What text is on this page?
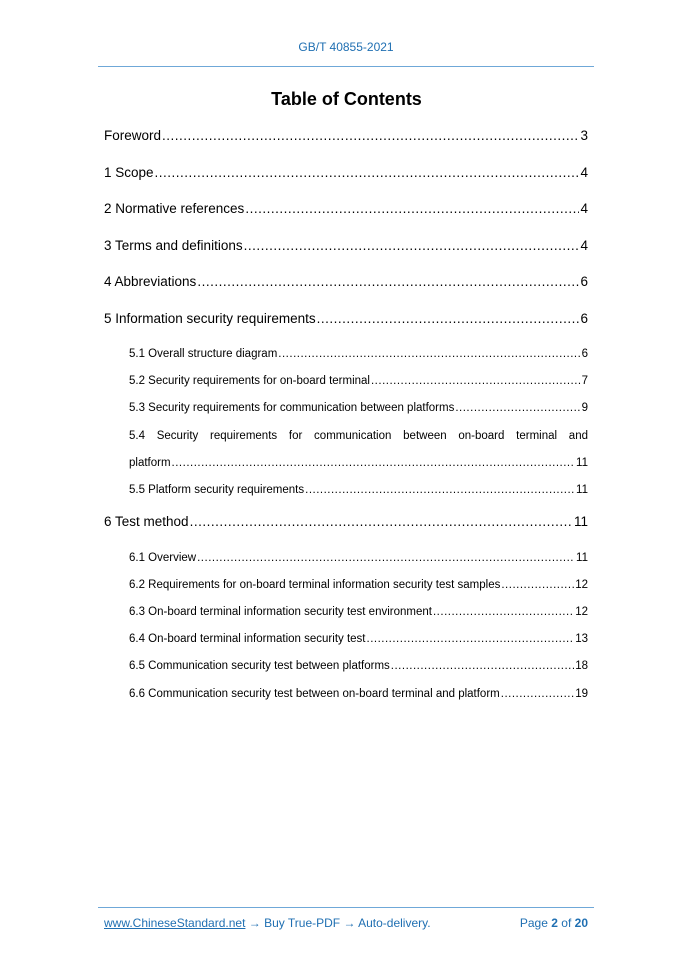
GB/T 40855-2021
Table of Contents
Foreword .....	3
1 Scope .....	4
2 Normative references .....	4
3 Terms and definitions .....	4
4 Abbreviations .....	6
5 Information security requirements .....	6
5.1 Overall structure diagram .....	6
5.2 Security requirements for on-board terminal .....	7
5.3 Security requirements for communication between platforms .....	9
5.4 Security requirements for communication between on-board terminal and
platform .....	11
5.5 Platform security requirements .....	11
6 Test method .....	11
6.1 Overview .....	11
6.2 Requirements for on-board terminal information security test samples .....	12
6.3 On-board terminal information security test environment .....	12
6.4 On-board terminal information security test .....	13
6.5 Communication security test between platforms .....	18
6.6 Communication security test between on-board terminal and platform .....	19
www.ChineseStandard.net → Buy True-PDF → Auto-delivery.	Page 2 of 20
